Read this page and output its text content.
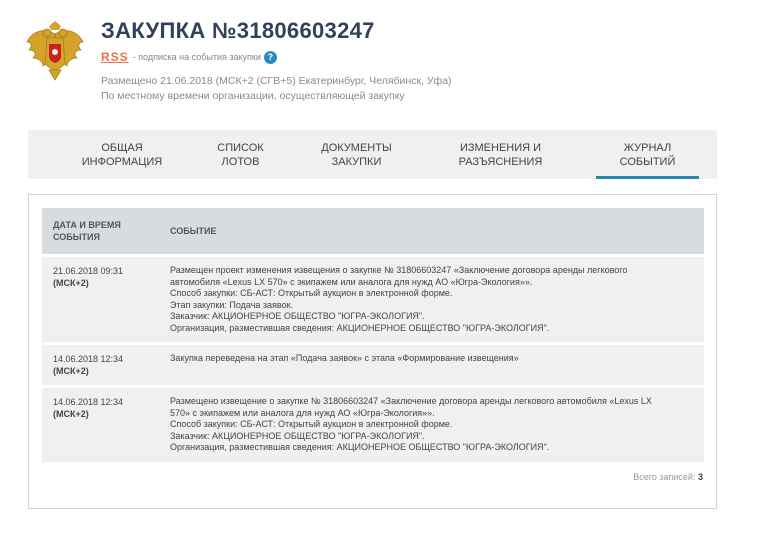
ЗАКУПКА №31806603247
RSS - подписка на события закупки ?
Размещено 21.06.2018 (МСК+2 (СГВ+5) Екатеринбург, Челябинск, Уфа)
По местному времени организации, осуществляющей закупку
ОБЩАЯ
ИНФОРМАЦИЯ
СПИСОК
ЛОТОВ
ДОКУМЕНТЫ
ЗАКУПКИ
ИЗМЕНЕНИЯ И
РАЗЪЯСНЕНИЯ
ЖУРНАЛ
СОБЫТИЙ
ДАТА И ВРЕМЯ
СОБЫТИЯ
СОБЫТИЕ
21.06.2018 09:31
(МСК+2)
Размещен проект изменения извещения о закупке № 31806603247 «Заключение договора аренды легкового
автомобиля «Lexus LX 570» с экипажем или аналога для нужд АО «Югра-Экология»».
Способ закупки: СБ-АСТ: Открытый аукцион в электронной форме.
Этап закупки: Подача заявок.
Заказчик: АКЦИОНЕРНОЕ ОБЩЕСТВО "ЮГРА-ЭКОЛОГИЯ".
Организация, разместившая сведения: АКЦИОНЕРНОЕ ОБЩЕСТВО "ЮГРА-ЭКОЛОГИЯ".
14.06.2018 12:34
(МСК+2)
Закупка переведена на этап «Подача заявок» с этапа «Формирование извещения»
14.06.2018 12:34
(МСК+2)
Размещено извещение о закупке № 31806603247 «Заключение договора аренды легкового автомобиля «Lexus LX
570» с экипажем или аналога для нужд АО «Югра-Экология»».
Способ закупки: СБ-АСТ: Открытый аукцион в электронной форме.
Заказчик: АКЦИОНЕРНОЕ ОБЩЕСТВО "ЮГРА-ЭКОЛОГИЯ".
Организация, разместившая сведения: АКЦИОНЕРНОЕ ОБЩЕСТВО "ЮГРА-ЭКОЛОГИЯ".
Всего записей: 3
